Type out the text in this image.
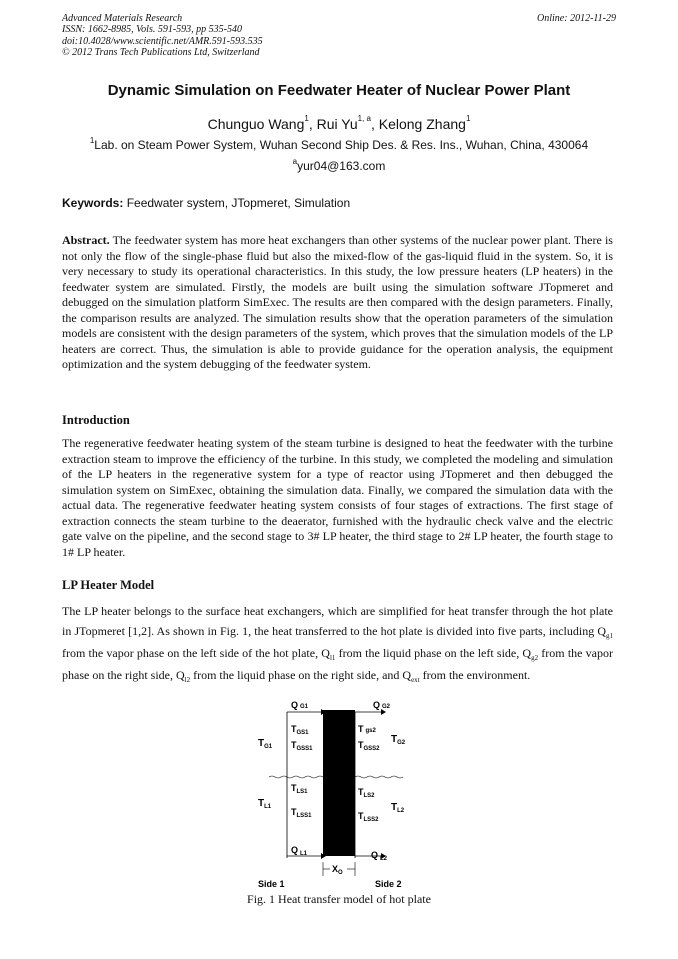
Advanced Materials Research
ISSN: 1662-8985, Vols. 591-593, pp 535-540
doi:10.4028/www.scientific.net/AMR.591-593.535
© 2012 Trans Tech Publications Ltd, Switzerland
Online: 2012-11-29
Dynamic Simulation on Feedwater Heater of Nuclear Power Plant
Chunguo Wang$^1$, Rui Yu$^{1, a}$, Kelong Zhang$^1$
$^1$Lab. on Steam Power System, Wuhan Second Ship Des. & Res. Ins., Wuhan, China, 430064
$^a$yur04@163.com
Keywords: Feedwater system, JTopmeret, Simulation

Abstract. The feedwater system has more heat exchangers than other systems of the nuclear power plant. There is not only the flow of the single-phase fluid but also the mixed-flow of the gas-liquid fluid in the system. So, it is very necessary to study its operational characteristics. In this study, the low pressure heaters (LP heaters) in the feedwater system are simulated. Firstly, the models are built using the simulation software JTopmeret and debugged on the simulation platform SimExec. The results are then compared with the design parameters. Finally, the comparison results are analyzed. The simulation results show that the operation parameters of the simulation models are consistent with the design parameters of the system, which proves that the simulation models of the LP heaters are correct. Thus, the simulation is able to provide guidance for the operation analysis, the equipment optimization and the system debugging of the feedwater system.

Introduction

The regenerative feedwater heating system of the steam turbine is designed to heat the feedwater with the turbine extraction steam to improve the efficiency of the turbine. In this study, we completed the modeling and simulation of the LP heaters in the regenerative system for a type of reactor using JTopmeret and then debugged the simulation system on SimExec, obtaining the simulation data. Finally, we compared the simulation data with the actual data. The regenerative feedwater heating system consists of four stages of extractions. The first stage of extraction connects the steam turbine to the deaerator, furnished with the hydraulic check valve and the electric gate valve on the pipeline, and the second stage to 3# LP heater, the third stage to 2# LP heater, the fourth stage to 1# LP heater.

LP Heater Model

The LP heater belongs to the surface heat exchangers, which are simplified for heat transfer through the hot plate in JTopmeret [1,2]. As shown in Fig. 1, the heat transferred to the hot plate is divided into five parts, including $Q_{g1}$ from the vapor phase on the left side of the hot plate, $Q_{l1}$ from the liquid phase on the left side, $Q_{g2}$ from the vapor phase on the right side, $Q_{l2}$ from the liquid phase on the right side, and $Q_{ext}$ from the environment.

Q G1	Q G2
$T_{GS1}$
$T_{GSS1}$
$T_{G1}$
Tgs2
$T_{GSS2}$
$T_{G2}$
$T_{LS1}$
$T_{LSS1}$
$T_{L1}$
$T_{LS2}$
$T_{LSS2}$
$T_{L2}$
Q $_{L1}$	Q $_{L2}$
$X_O$
Side 1	Side 2
Fig. 1 Heat transfer model of hot plate
